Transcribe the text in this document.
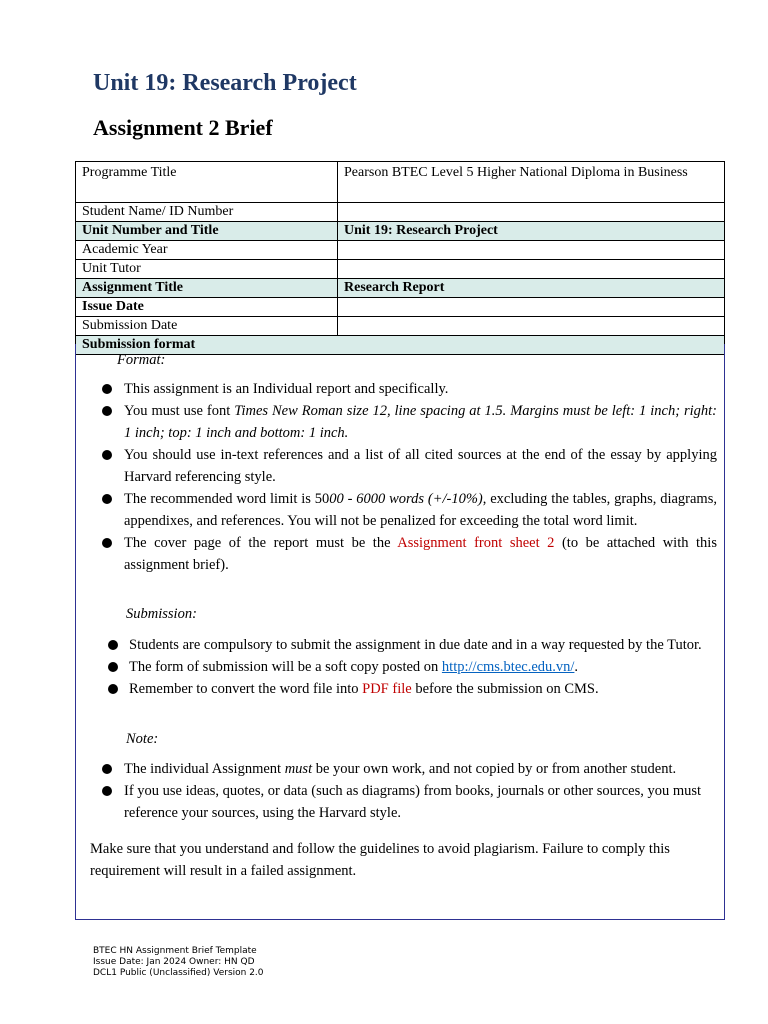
Unit 19: Research Project
Assignment 2 Brief
Programme Title	Pearson BTEC Level 5 Higher National Diploma in Business
Student Name/ ID Number	
Unit Number and Title	Unit 19: Research Project
Academic Year	
Unit Tutor	
Assignment Title	Research Report
Issue Date	
Submission Date	
Submission format	
Format:
This assignment is an Individual report and specifically.
You must use font Times New Roman size 12, line spacing at 1.5. Margins must be left: 1 inch; right: 1 inch; top: 1 inch and bottom: 1 inch.
You should use in-text references and a list of all cited sources at the end of the essay by applying Harvard referencing style.
The recommended word limit is 5000 - 6000 words (+/-10%), excluding the tables, graphs, diagrams, appendixes, and references. You will not be penalized for exceeding the total word limit.
The cover page of the report must be the Assignment front sheet 2 (to be attached with this assignment brief).
Submission:
Students are compulsory to submit the assignment in due date and in a way requested by the Tutor.
The form of submission will be a soft copy posted on http://cms.btec.edu.vn/.
Remember to convert the word file into PDF file before the submission on CMS.
Note:
The individual Assignment must be your own work, and not copied by or from another student.
If you use ideas, quotes, or data (such as diagrams) from books, journals or other sources, you must reference your sources, using the Harvard style.
Make sure that you understand and follow the guidelines to avoid plagiarism. Failure to comply this requirement will result in a failed assignment.
BTEC HN Assignment Brief Template
Issue Date: Jan 2024 Owner: HN QD
DCL1 Public (Unclassified) Version 2.0
